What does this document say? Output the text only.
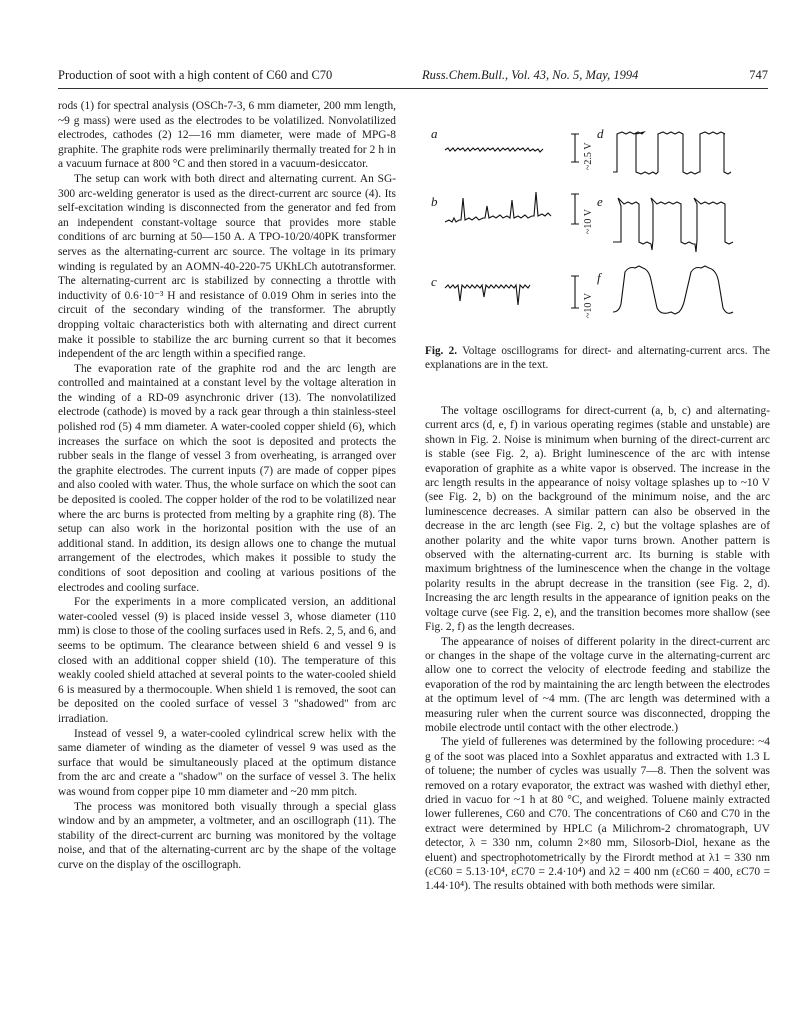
Production of soot with a high content of C60 and C70	Russ.Chem.Bull., Vol. 43, No. 5, May, 1994	747

rods (1) for spectral analysis (OSCh-7-3, 6 mm diameter, 200 mm length, ~9 g mass) were used as the electrodes to be volatilized. Nonvolatilized electrodes, cathodes (2) 12—16 mm diameter, were made of MPG-8 graphite. The graphite rods were preliminarily thermally treated for 2 h in a vacuum furnace at 800 °C and then stored in a vacuum-desiccator.

The setup can work with both direct and alternating current. An SG-300 arc-welding generator is used as the direct-current arc source (4). Its self-excitation winding is disconnected from the generator and fed from an independent constant-voltage source that provides more stable conditions of arc burning at 50—150 A. A TPO-10/20/40PK transformer serves as the alternating-current arc source. The voltage in its primary winding is regulated by an AOMN-40-220-75 UKhLCh autotransformer. The alternating-current arc is stabilized by connecting a throttle with inductivity of 0.6·10⁻³ H and resistance of 0.019 Ohm in series into the circuit of the secondary winding of the transformer. The abruptly dropping voltaic characteristics both with alternating and direct current make it possible to stabilize the arc burning current so that it becomes independent of the arc length within a specified range.

The evaporation rate of the graphite rod and the arc length are controlled and maintained at a constant level by the voltage alteration in the winding of a RD-09 asynchronic driver (13). The nonvolatilized electrode (cathode) is moved by a rack gear through a thin stainless-steel polished rod (5) 4 mm diameter. A water-cooled copper shield (6), which increases the surface on which the soot is deposited and protects the rubber seals in the flange of vessel 3 from overheating, is arranged over the graphite electrodes. The current inputs (7) are made of copper pipes and also cooled with water. Thus, the whole surface on which the soot can be deposited is cooled. The copper holder of the rod to be volatilized near where the arc burns is protected from melting by a graphite ring (8). The setup can also work in the horizontal position with the use of an additional stand. In addition, its design allows one to change the mutual arrangement of the electrodes, which makes it possible to study the conditions of soot deposition and cooling at various positions of the electrodes and cooling surface.

For the experiments in a more complicated version, an additional water-cooled vessel (9) is placed inside vessel 3, whose diameter (110 mm) is close to those of the cooling surfaces used in Refs. 2, 5, and 6, and seems to be optimum. The clearance between shield 6 and vessel 9 is closed with an additional copper shield (10). The temperature of this weakly cooled shield attached at several points to the water-cooled shield 6 is measured by a thermocouple. When shield 1 is removed, the soot can be deposited on the cooled surface of vessel 3 "shadowed" from arc irradiation.

Instead of vessel 9, a water-cooled cylindrical screw helix with the same diameter of winding as the diameter of vessel 9 was used as the surface that would be simultaneously placed at the optimum distance from the arc and create a "shadow" on the surface of vessel 3. The helix was wound from copper pipe 10 mm diameter and ~20 mm pitch.

The process was monitored both visually through a special glass window and by an ampmeter, a voltmeter, and an oscillograph (11). The stability of the direct-current arc burning was monitored by the voltage noise, and that of the alternating-current arc by the shape of the voltage curve on the display of the oscillograph.

a
b
c
d
e
f
~2.5 V
~10 V
~10 V
Fig. 2. Voltage oscillograms for direct- and alternating-current arcs. The explanations are in the text.

The voltage oscillograms for direct-current (a, b, c) and alternating-current arcs (d, e, f) in various operating regimes (stable and unstable) are shown in Fig. 2. Noise is minimum when burning of the direct-current arc is stable (see Fig. 2, a). Bright luminescence of the arc with intense evaporation of graphite as a white vapor is observed. The increase in the arc length results in the appearance of noisy voltage splashes up to ~10 V (see Fig. 2, b) on the background of the minimum noise, and the arc luminescence decreases. A similar pattern can also be observed in the decrease in the arc length (see Fig. 2, c) but the voltage splashes are of another polarity and the white vapor turns brown. Another pattern is observed with the alternating-current arc. Its burning is stable with maximum brightness of the luminescence when the change in the voltage polarity results in the abrupt decrease in the transition (see Fig. 2, d). Increasing the arc length results in the appearance of ignition peaks on the voltage curve (see Fig. 2, e), and the transition becomes more shallow (see Fig. 2, f) as the length decreases.

The appearance of noises of different polarity in the direct-current arc or changes in the shape of the voltage curve in the alternating-current arc allow one to correct the velocity of electrode feeding and stabilize the evaporation of the rod by maintaining the arc length between the electrodes at the optimum level of ~4 mm. (The arc length was determined with a measuring ruler when the current source was disconnected, dropping the mobile electrode until contact with the other electrode.)

The yield of fullerenes was determined by the following procedure: ~4 g of the soot was placed into a Soxhlet apparatus and extracted with 1.3 L of toluene; the number of cycles was usually 7—8. Then the solvent was removed on a rotary evaporator, the extract was washed with diethyl ether, dried in vacuo for ~1 h at 80 °C, and weighed. Toluene mainly extracted lower fullerenes, C60 and C70. The concentrations of C60 and C70 in the extract were determined by HPLC (a Milichrom-2 chromatograph, UV detector, λ = 330 nm, column 2×80 mm, Silosorb-Diol, hexane as the eluent) and spectrophotometrically by the Firordt method at λ1 = 330 nm (εC60 = 5.13·10⁴, εC70 = 2.4·10⁴) and λ2 = 400 nm (εC60 = 400, εC70 = 1.44·10⁴). The results obtained with both methods were similar.
